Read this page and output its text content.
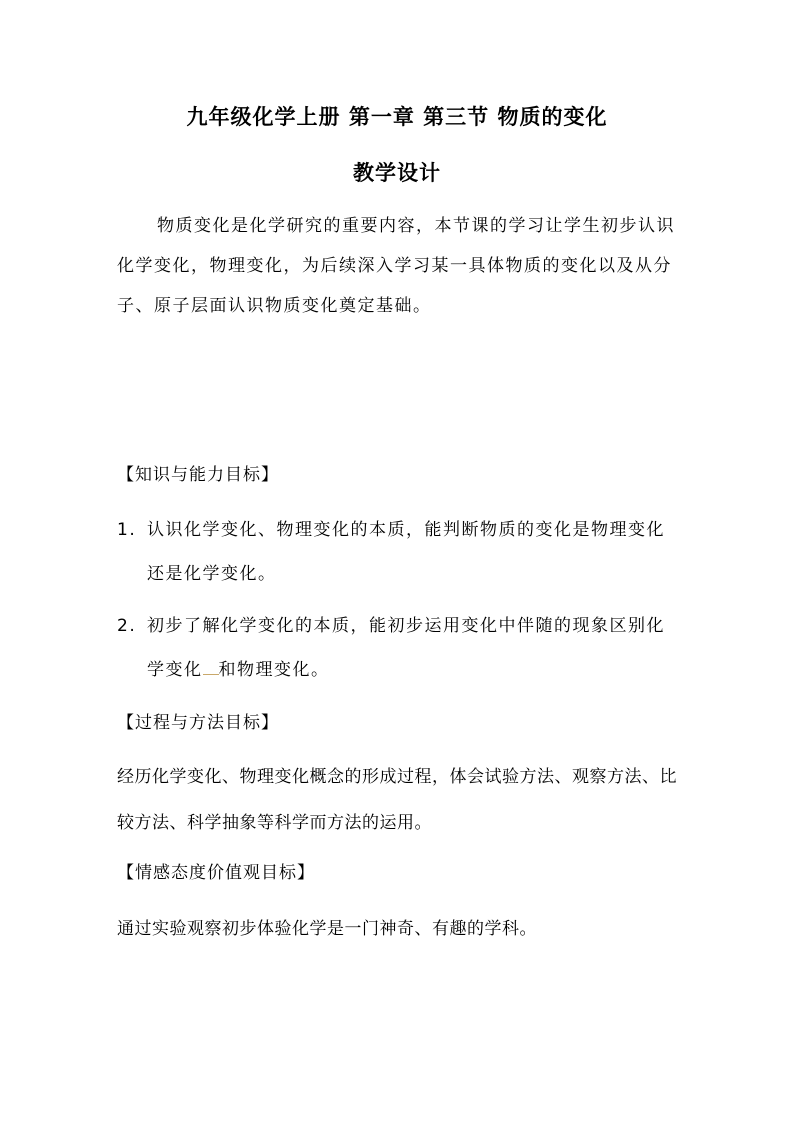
九年级化学上册 第一章 第三节 物质的变化
教学设计
物质变化是化学研究的重要内容，本节课的学习让学生初步认识化学变化，物理变化，为后续深入学习某一具体物质的变化以及从分子、原子层面认识物质变化奠定基础。
【知识与能力目标】
1. 认识化学变化、物理变化的本质，能判断物质的变化是物理变化还是化学变化。
2. 初步了解化学变化的本质，能初步运用变化中伴随的现象区别化学变化 和物理变化。
【过程与方法目标】
经历化学变化、物理变化概念的形成过程，体会试验方法、观察方法、比较方法、科学抽象等科学而方法的运用。
【情感态度价值观目标】
通过实验观察初步体验化学是一门神奇、有趣的学科。
